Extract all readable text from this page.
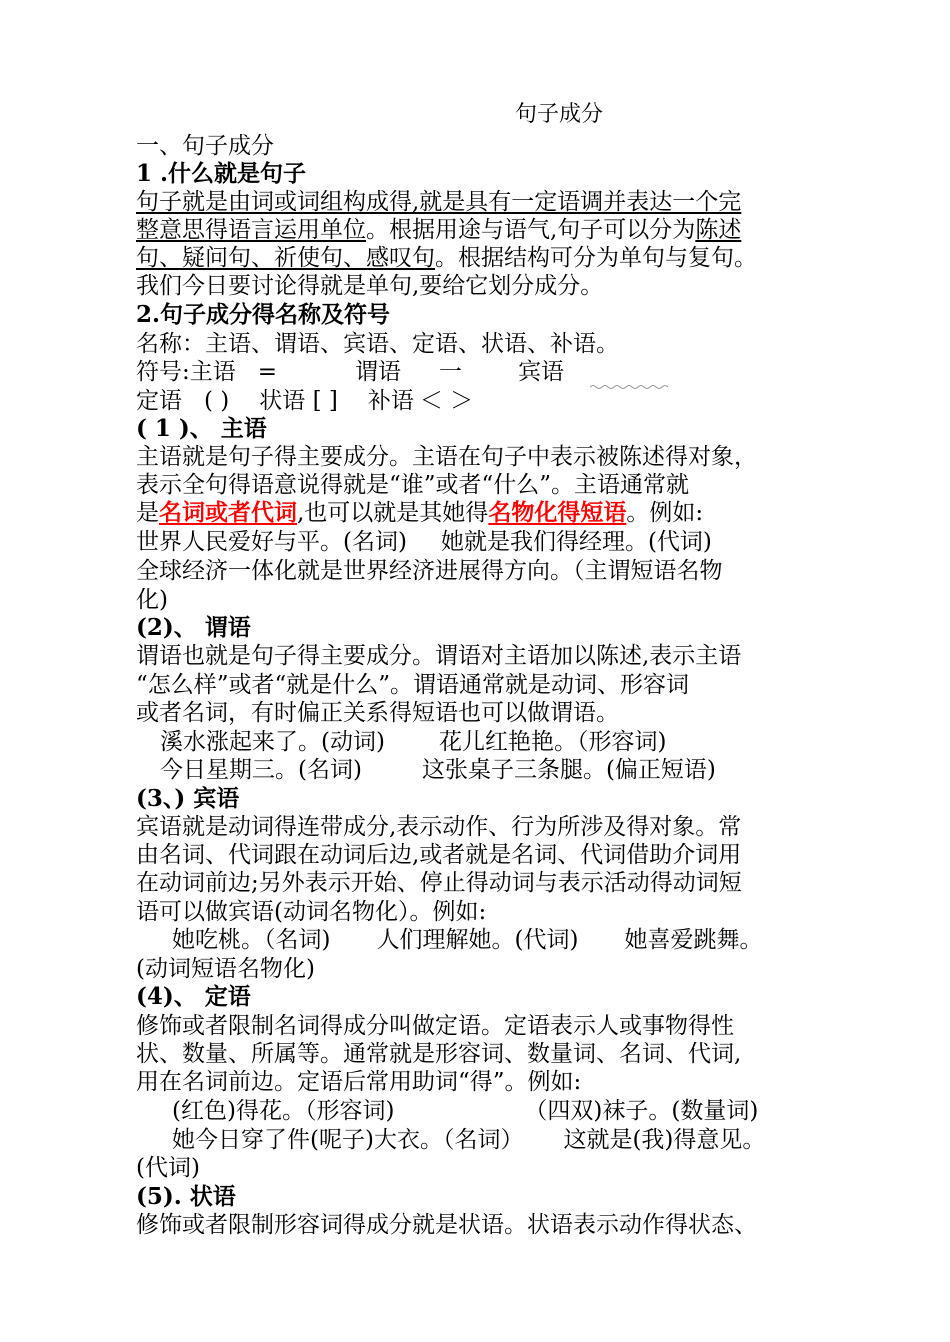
句子成分
一、句子成分
1 .什么就是句子
句子就是由词或词组构成得,就是具有一定语调并表达一个完
整意思得语言运用单位。根据用途与语气,句子可以分为陈述
句、疑问句、祈使句、感叹句。根据结构可分为单句与复句。
我们今日要讨论得就是单句,要给它划分成分。
2.句子成分得名称及符号
名称：主语、谓语、宾语、定语、状语、补语。
符号:主语 =	谓语 一 宾语
定语 ( ) 状语 [ ] 补语 ＜ ＞
( 1 )、 主语
主语就是句子得主要成分。主语在句子中表示被陈述得对象，
表示全句得语意说得就是“谁”或者“什么”。主语通常就
是名词或者代词,也可以就是其她得名物化得短语。例如:
世界人民爱好与平。(名词) 她就是我们得经理。(代词)
全球经济一体化就是世界经济进展得方向。（主谓短语名物
化)
(2)、 谓语
谓语也就是句子得主要成分。谓语对主语加以陈述,表示主语
“怎么样”或者“就是什么”。谓语通常就是动词、形容词
或者名词，有时偏正关系得短语也可以做谓语。
溪水涨起来了。(动词) 花儿红艳艳。（形容词)
今日星期三。(名词)	这张桌子三条腿。(偏正短语)
(3、) 宾语
宾语就是动词得连带成分,表示动作、行为所涉及得对象。常
由名词、代词跟在动词后边,或者就是名词、代词借助介词用
在动词前边;另外表示开始、停止得动词与表示活动得动词短
语可以做宾语(动词名物化）。例如:
她吃桃。（名词) 人们理解她。(代词) 她喜爱跳舞。
(动词短语名物化)
(4)、 定语
修饰或者限制名词得成分叫做定语。定语表示人或事物得性
状、数量、所属等。通常就是形容词、数量词、名词、代词,
用在名词前边。定语后常用助词“得”。例如:
(红色)得花。（形容词)	（四双)袜子。(数量词)
她今日穿了件(呢子)大衣。（名词） 这就是(我)得意见。
(代词)
(5). 状语
修饰或者限制形容词得成分就是状语。状语表示动作得状态、
